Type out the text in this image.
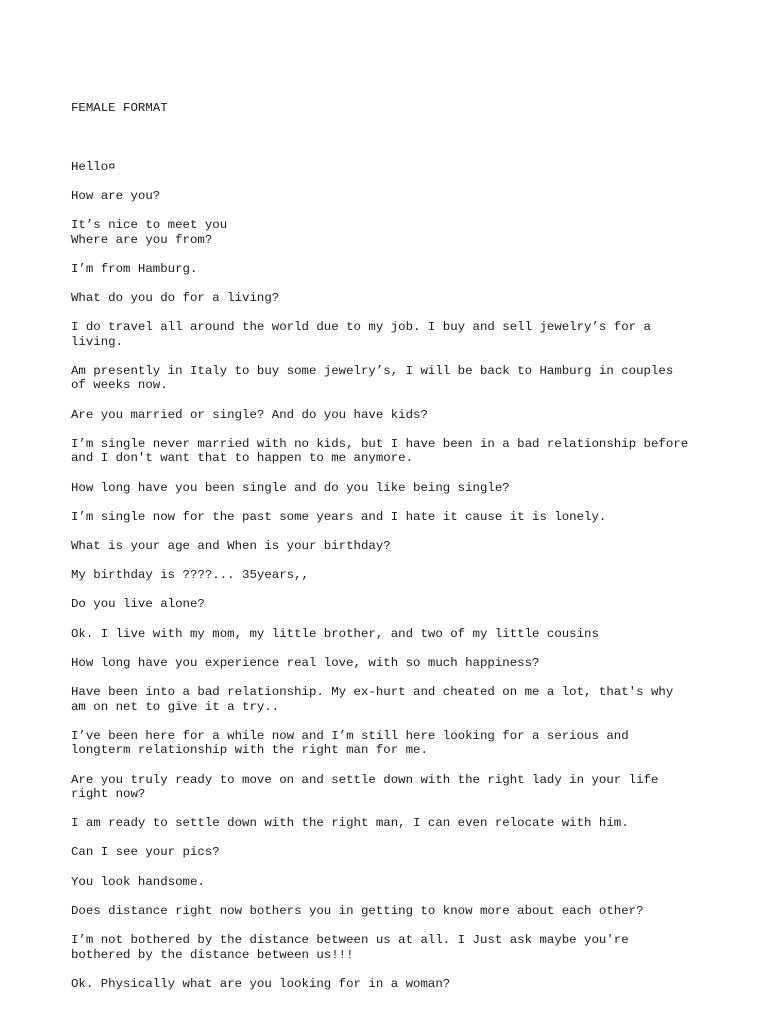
FEMALE FORMAT

Hello¤
How are you?
It’s nice to meet you
Where are you from?
I’m from Hamburg.
What do you do for a living?
I do travel all around the world due to my job. I buy and sell jewelry’s for a
living.
Am presently in Italy to buy some jewelry’s, I will be back to Hamburg in couples
of weeks now.
Are you married or single? And do you have kids?
I’m single never married with no kids, but I have been in a bad relationship before
and I don't want that to happen to me anymore.
How long have you been single and do you like being single?
I’m single now for the past some years and I hate it cause it is lonely.
What is your age and When is your birthday?
My birthday is ????... 35years,,
Do you live alone?
Ok. I live with my mom, my little brother, and two of my little cousins
How long have you experience real love, with so much happiness?
Have been into a bad relationship. My ex-hurt and cheated on me a lot, that's why
am on net to give it a try..
I’ve been here for a while now and I’m still here looking for a serious and
longterm relationship with the right man for me.
Are you truly ready to move on and settle down with the right lady in your life
right now?
I am ready to settle down with the right man, I can even relocate with him.
Can I see your pics?
You look handsome.
Does distance right now bothers you in getting to know more about each other?
I’m not bothered by the distance between us at all. I Just ask maybe you're
bothered by the distance between us!!!
Ok. Physically what are you looking for in a woman?
